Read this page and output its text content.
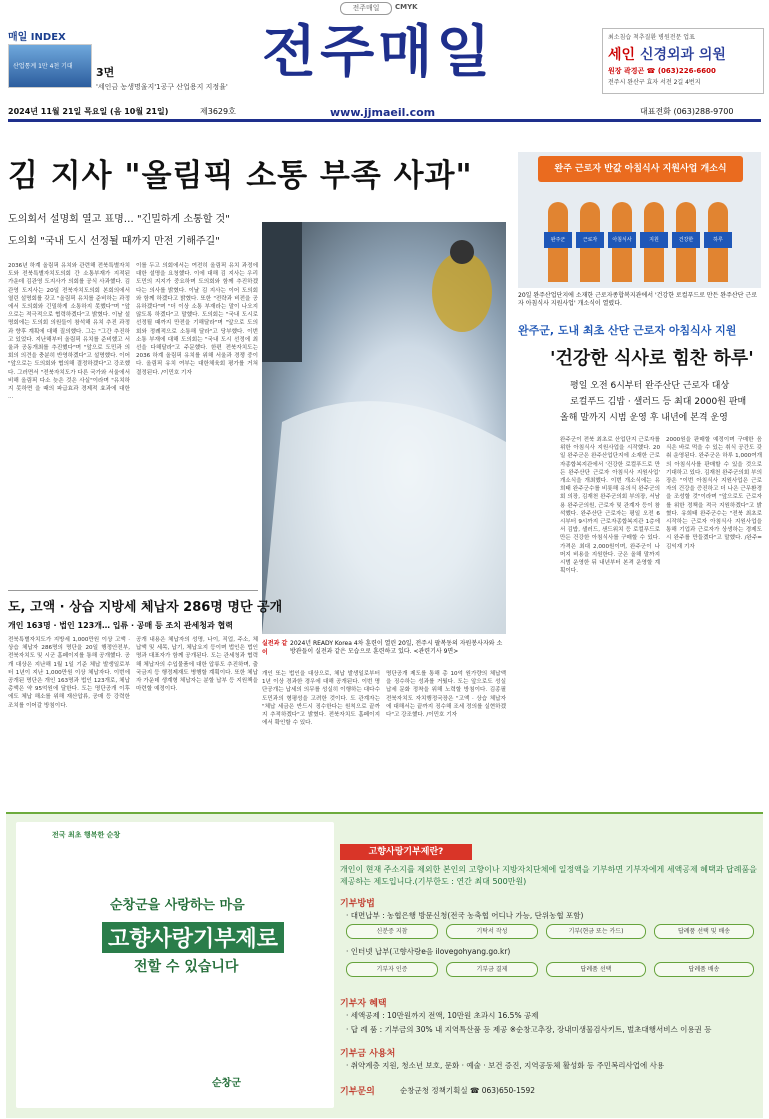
전주매일	CMYK
매일 INDEX
산업통계 1만 4천 기대	3면
'세인금 농생명울지'1공구 산업용지 지정율'
전주매일
www.jjmaeil.com
최소침습 척추질환 병원전문 업표
세인 신경외과 의원
원장 곽경곤 ☎ (063)226-6600
전주시 완산구 효자 서전 2길 4번지
2024년 11월 21일 목요일 (음 10월 21일)	제3629호	대표전화 (063)288-9700
김 지사 "올림픽 소통 부족 사과"
도의회서 설명회 열고 표명… "긴밀하게 소통할 것"
도의회 "국내 도시 선정될 때까지 만전 기해주길"
2036년 하계 올림픽 유치와 관련해 전북특별자치도와 전북특별자치도의회 간 소통부재가 지적된 가운데 김관영 도지사가 의회를 공식 사과했다. 김관영 도지사는 20일 전북자치도의회 본회의에서 열린 설명회를 갖고 "올림픽 유치를 준비하는 과정에서 도의회와 긴밀하게 소통하지 못했다"며 "앞으로는 적극적으로 협력하겠다"고 밝혔다. 이날 설명회에는 도의회 의원들이 참석해 유치 추진 과정과 향후 계획에 대해 질의했다. 그는 "그간 추진하고 있었다. 지난해부터 올림픽 유치를 준비했고 서울과 공동개최를 추진했다"며 "앞으로 도민과 의회의 의견을 충분히 반영하겠다"고 설명했다. 이어 "앞으로는 도의회와 협의해 결정하겠다"고 강조했다. 그러면서 "전북자치도가 다른 국가와 서울에서 비해 올림픽 다소 늦은 것은 사실"이라며 "유치하지 못하면 을 때의 파급효과 경제적 효과에 대한 ...
이를 두고 의회에서는 여전히 올림픽 유치 과정에 대한 설명을 요청했다. 이에 대해 김 지사는 우리 도민의 지지가 중요하며 도의회와 함께 추진하겠다는 의사를 밝혔다. 이날 김 지사는 이어 도의회와 함께 하겠다고 밝혔다. 또한 "전략과 비전을 공유하겠다"며 "더 이상 소통 부재라는 말이 나오지 않도록 하겠다"고 말했다. 도의회는 "국내 도시로 선정될 때까지 만전을 기해달라"며 "앞으로 도의회와 정례적으로 소통해 달라"고 당부했다. 이번 소통 부재에 대해 도의회는 "국내 도시 선정에 최선을 다해달라"고 주문했다. 한편 전북자치도는 2036 하계 올림픽 유치를 위해 서울과 경쟁 중이다. 올림픽 유치 여부는 대한체육회 평가를 거쳐 결정된다. /이민호 기자
실전과 같이
2024년 READY Korea 4차 훈련이 열린 20일, 전주시 팔복동의 자원봉사자와 소방관들이 실전과 같은 모습으로 훈련하고 있다. <관련기사 9면>
도, 고액 · 상습 지방세 체납자 286명 명단 공개
개인 163명 · 법인 123개… 입류 · 공매 등 조치 관세청과 협력
전북특별자치도가 지방세 1,000만원 이상 고액 · 상습 체납자 286명의 명단을 20일 행정안전부, 전북자치도 및 시군 홈페이지를 통해 공개했다. 공개 대상은 지난해 1월 1일 기준 체납 발생일로부터 1년이 지난 1,000만원 이상 체납자다. 이번에 공개된 명단은 개인 163명과 법인 123개로, 체납 총액은 약 95억원에 달한다. 도는 명단공개 이후에도 체납 해소를 위해 재산압류, 공매 등 강력한 조치를 이어갈 방침이다.
공개 내용은 체납자의 성명, 나이, 직업, 주소, 체납액 및 세목, 납기, 체납요지 등이며 법인은 법인명과 대표자가 함께 공개된다. 도는 관세청과 협력해 체납자의 수입물품에 대한 압류도 추진하며, 출국금지 등 행정제재도 병행할 계획이다. 또한 체납자 가운데 생계형 체납자는 분할 납부 등 지원책을 마련할 예정이다.
개인 또는 법인을 대상으로, 체납 발생일로부터 1년 이상 경과한 경우에 대해 공개된다. 이번 명단공개는 납세의 의무를 성실히 이행하는 대다수 도민과의 형평성을 고려한 것이다. 도 관계자는 "체납 세금은 반드시 징수한다는 원칙으로 끝까지 추적하겠다"고 밝혔다. 전북자치도 홈페이지에서 확인할 수 있다.
명단공개 제도를 통해 총 10억 원가량의 체납액을 징수하는 성과를 거뒀다. 도는 앞으로도 성실납세 문화 정착을 위해 노력할 방침이다. 김종필 전북자치도 자치행정국장은 "고액 · 상습 체납자에 대해서는 끝까지 징수해 조세 정의를 실현하겠다"고 강조했다. /이민호 기자
완주 근로자 반값 아침식사 지원사업 개소식
완주군	근로자	아침식사	지원	건강한	하루
20일 완주산업단지에 소재한 근로자종합복지관에서 '건강한 로컬푸드로 만든 완주산단 근로자 아침식사 지원사업' 개소식이 열렸다.
완주군, 도내 최초 산단 근로자 아침식사 지원
'건강한 식사로 힘찬 하루'
평일 오전 6시부터 완주산단 근로자 대상
로컬푸드 김밥 · 샐러드 등 최대 2000원 판매
올해 말까지 시범 운영 후 내년에 본격 운영
완주군이 전북 최초로 산업단지 근로자를 위한 아침식사 지원사업을 시작했다. 20일 완주군은 완주산업단지에 소재한 근로자종합복지관에서 '건강한 로컬푸드로 만든 완주산단 근로자 아침식사 지원사업' 개소식을 개최했다. 이번 개소식에는 유희태 완주군수를 비롯해 유의식 완주군의회 의장, 김재천 완주군의회 부의장, 서남용 완주군의원, 근로자 및 관계자 등이 참석했다. 완주산단 근로자는 평일 오전 6시부터 9시까지 근로자종합복지관 1층에서 김밥, 샐러드, 샌드위치 등 로컬푸드로 만든 건강한 아침식사를 구매할 수 있다. 가격은 최대 2,000원이며, 완주군이 나머지 비용을 지원한다. 군은 올해 말까지 시범 운영한 뒤 내년부터 본격 운영할 계획이다.
2000원을 판매할 예정이며 구매한 음식은 바로 먹을 수 있는 취식 공간도 갖춰 운영된다. 완주군은 하루 1,000여개의 아침식사를 판매할 수 있을 것으로 기대하고 있다. 김재천 완주군의회 부의장은 "이번 아침식사 지원사업은 근로자의 건강을 증진하고 더 나은 근무환경을 조성할 것"이라며 "앞으로도 근로자를 위한 정책을 적극 지원하겠다"고 밝혔다. 유희태 완주군수는 "전북 최초로 시작하는 근로자 아침식사 지원사업을 통해 기업과 근로자가 상생하는 경제도시 완주를 만들겠다"고 말했다. /완주=김익재 기자
전국 최초 행복한 순창
순창군을 사랑하는 마음
고향사랑기부제로
전할 수 있습니다
순창군
고향사랑기부제란?
개인이 현재 주소지를 제외한 본인의 고향이나 지방자치단체에 일정액을 기부하면 기부자에게 세액공제 혜택과 답례품을 제공하는 제도입니다.(기부한도 : 연간 최대 500만원)
기부방법
· 대면납부 : 농협은행 방문신청(전국 농축협 어디나 가능, 단위농협 포함)
신분증 지참	기탁서 작성	기부(현금 또는 카드)	답례품 선택 및 배송
· 인터넷 납부(고향사랑e음 ilovegohyang.go.kr)
기부자 인증	기부금 결제	답례품 선택	답례품 배송
기부자 혜택
· 세액공제 : 10만원까지 전액, 10만원 초과시 16.5% 공제
· 답 례 품 : 기부금의 30% 내 지역특산품 등 제공 ※순창고추장, 장내미생물검사키트, 벌초대행서비스 이용권 등
기부금 사용처
· 취약계층 지원, 청소년 보호, 문화 · 예술 · 보건 증진, 지역공동체 활성화 등 주민복리사업에 사용
기부문의	순창군청 정책기획실 ☎ 063)650-1592
